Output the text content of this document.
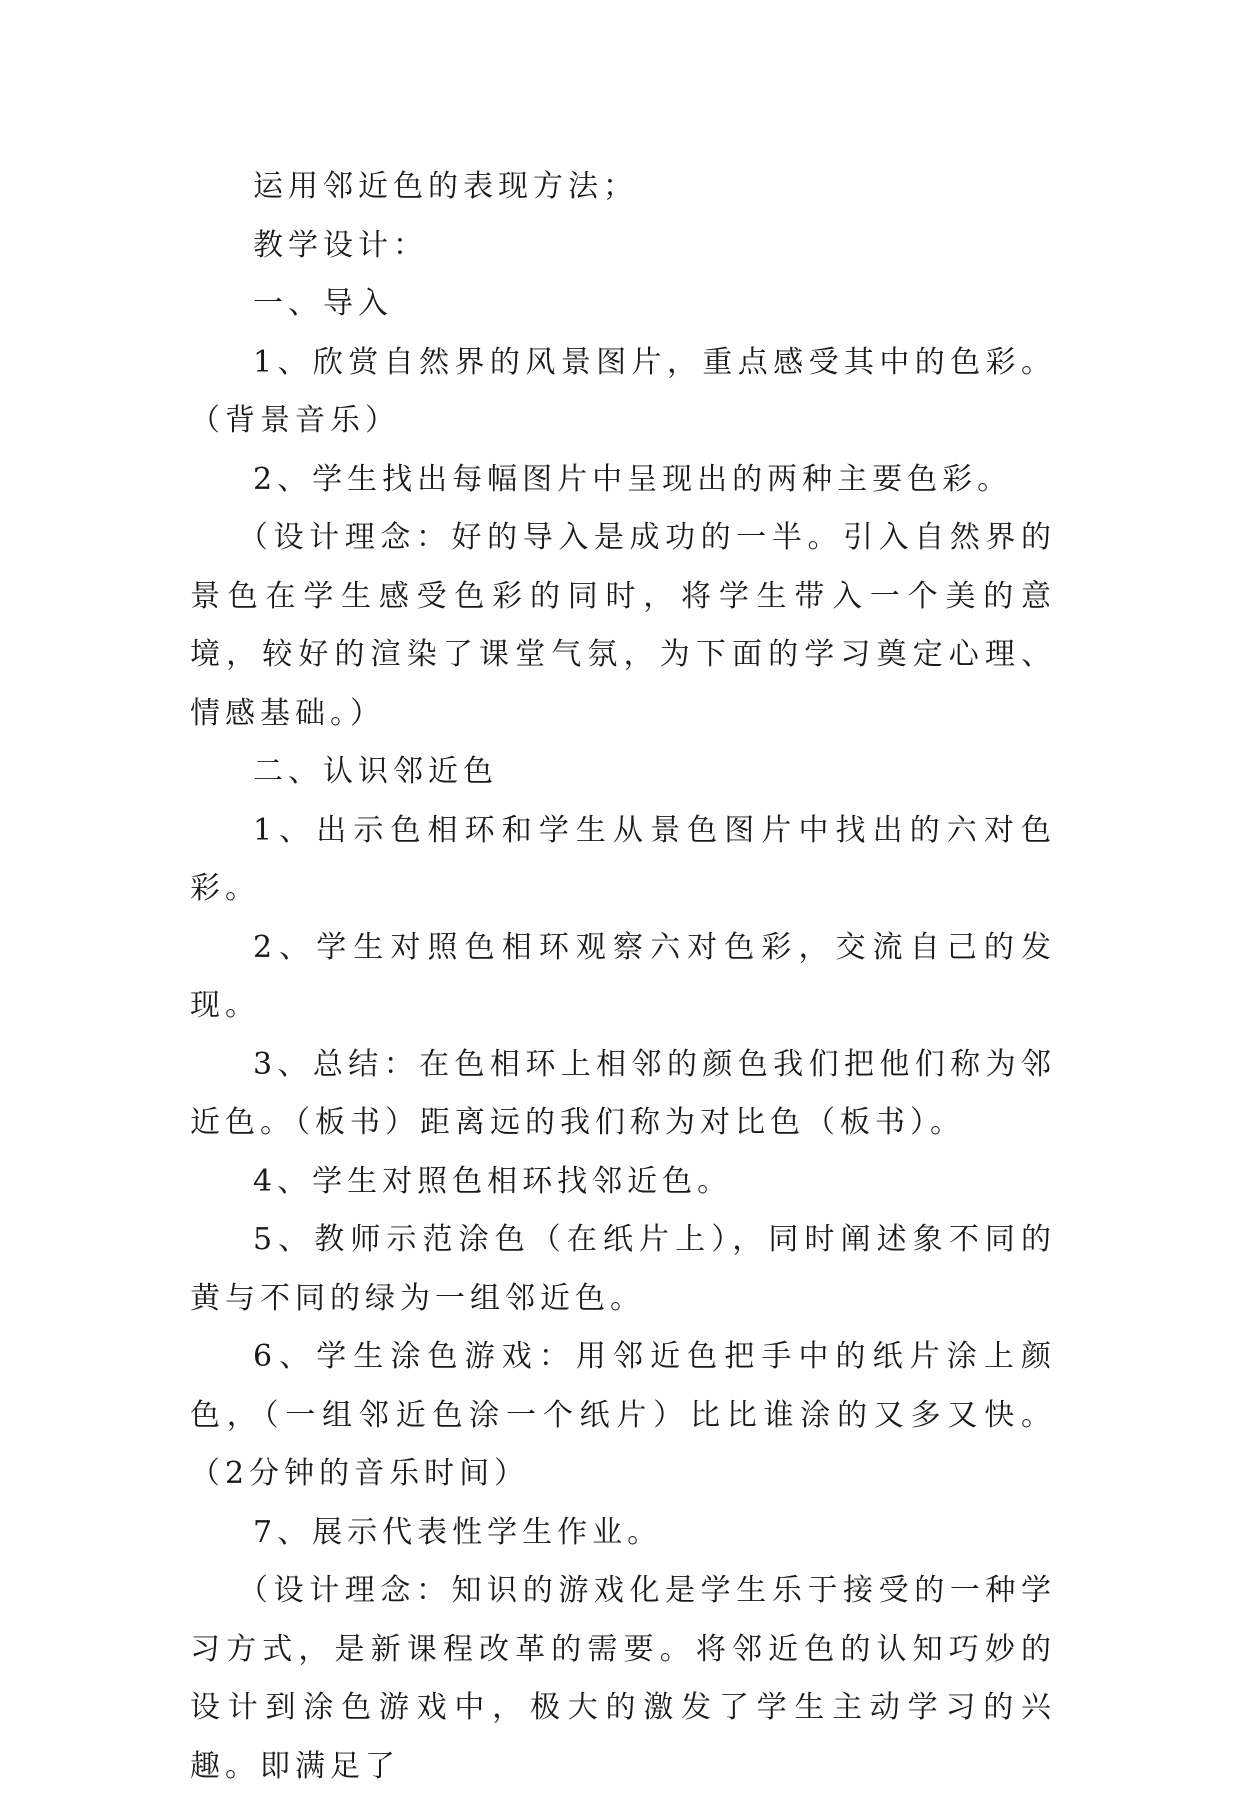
运用邻近色的表现方法；

教学设计：

一、导入

1、欣赏自然界的风景图片，重点感受其中的色彩。（背景音乐）

2、学生找出每幅图片中呈现出的两种主要色彩。

（设计理念：好的导入是成功的一半。引入自然界的景色在学生感受色彩的同时，将学生带入一个美的意境，较好的渲染了课堂气氛，为下面的学习奠定心理、情感基础。）

二、认识邻近色

1、出示色相环和学生从景色图片中找出的六对色彩。

2、学生对照色相环观察六对色彩，交流自己的发现。

3、总结：在色相环上相邻的颜色我们把他们称为邻近色。（板书）距离远的我们称为对比色（板书）。

4、学生对照色相环找邻近色。

5、教师示范涂色（在纸片上），同时阐述象不同的黄与不同的绿为一组邻近色。

6、学生涂色游戏：用邻近色把手中的纸片涂上颜色，（一组邻近色涂一个纸片）比比谁涂的又多又快。（2分钟的音乐时间）

7、展示代表性学生作业。

（设计理念：知识的游戏化是学生乐于接受的一种学习方式，是新课程改革的需要。将邻近色的认知巧妙的设计到涂色游戏中，极大的激发了学生主动学习的兴趣。即满足了
